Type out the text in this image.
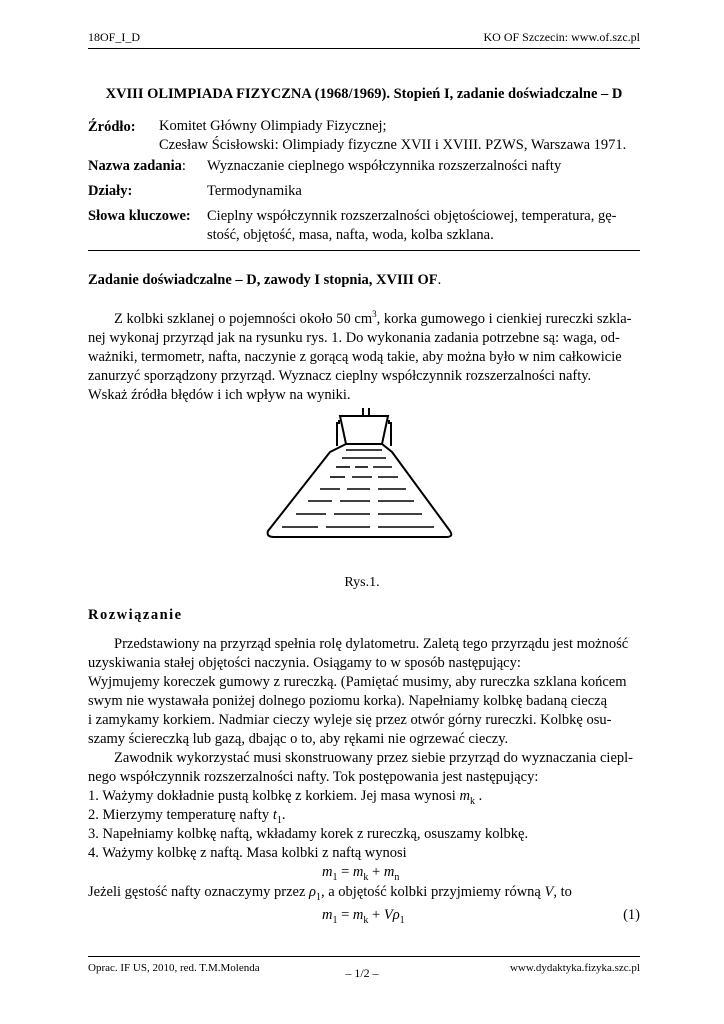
18OF_I_D	KO OF Szczecin: www.of.szc.pl
XVIII OLIMPIADA FIZYCZNA (1968/1969). Stopień I, zadanie doświadczalne – D
Źródło: Komitet Główny Olimpiady Fizycznej;
Czesław Ścisłowski: Olimpiady fizyczne XVII i XVIII. PZWS, Warszawa 1971.
Nazwa zadania: Wyznaczanie cieplnego współczynnika rozszerzalności nafty
Działy:	Termodynamika
Słowa kluczowe: Cieplny współczynnik rozszerzalności objętościowej, temperatura, gę-
stość, objętość, masa, nafta, woda, kolba szklana.
Zadanie doświadczalne – D, zawody I stopnia, XVIII OF.
Z kolbki szklanej o pojemności około 50 $cm^3$, korka gumowego i cienkiej rureczki szkla-
nej wykonaj przyrząd jak na rysunku rys. 1. Do wykonania zadania potrzebne są: waga, od-
ważniki, termometr, nafta, naczynie z gorącą wodą takie, aby można było w nim całkowicie
zanurzyć sporządzony przyrząd. Wyznacz cieplny współczynnik rozszerzalności nafty.
Wskaż źródła błędów i ich wpływ na wyniki.
Rys.1.
Rozwiązanie
Przedstawiony na przyrząd spełnia rolę dylatometru. Zaletą tego przyrządu jest możność
uzyskiwania stałej objętości naczynia. Osiągamy to w sposób następujący:
Wyjmujemy koreczek gumowy z rureczką. (Pamiętać musimy, aby rureczka szklana końcem
swym nie wystawała poniżej dolnego poziomu korka). Napełniamy kolbkę badaną cieczą
i zamykamy korkiem. Nadmiar cieczy wyleje się przez otwór górny rureczki. Kolbkę osu-
szamy ściereczką lub gazą, dbając o to, aby rękami nie ogrzewać cieczy.
Zawodnik wykorzystać musi skonstruowany przez siebie przyrząd do wyznaczania ciepl-
nego współczynnik rozszerzalności nafty. Tok postępowania jest następujący:
1. Ważymy dokładnie pustą kolbkę z korkiem. Jej masa wynosi $m_k$ .
2. Mierzymy temperaturę nafty $t_1$.
3. Napełniamy kolbkę naftą, wkładamy korek z rureczką, osuszamy kolbkę.
4. Ważymy kolbkę z naftą. Masa kolbki z naftą wynosi
$m_1 = m_k + m_n$
Jeżeli gęstość nafty oznaczymy przez $\rho_1$, a objętość kolbki przyjmiemy równą V, to
$m_1 = m_k + V\rho_1$	(1)
Oprac. IF US, 2010, red. T.M.Molenda	– 1/2 –	www.dydaktyka.fizyka.szc.pl
